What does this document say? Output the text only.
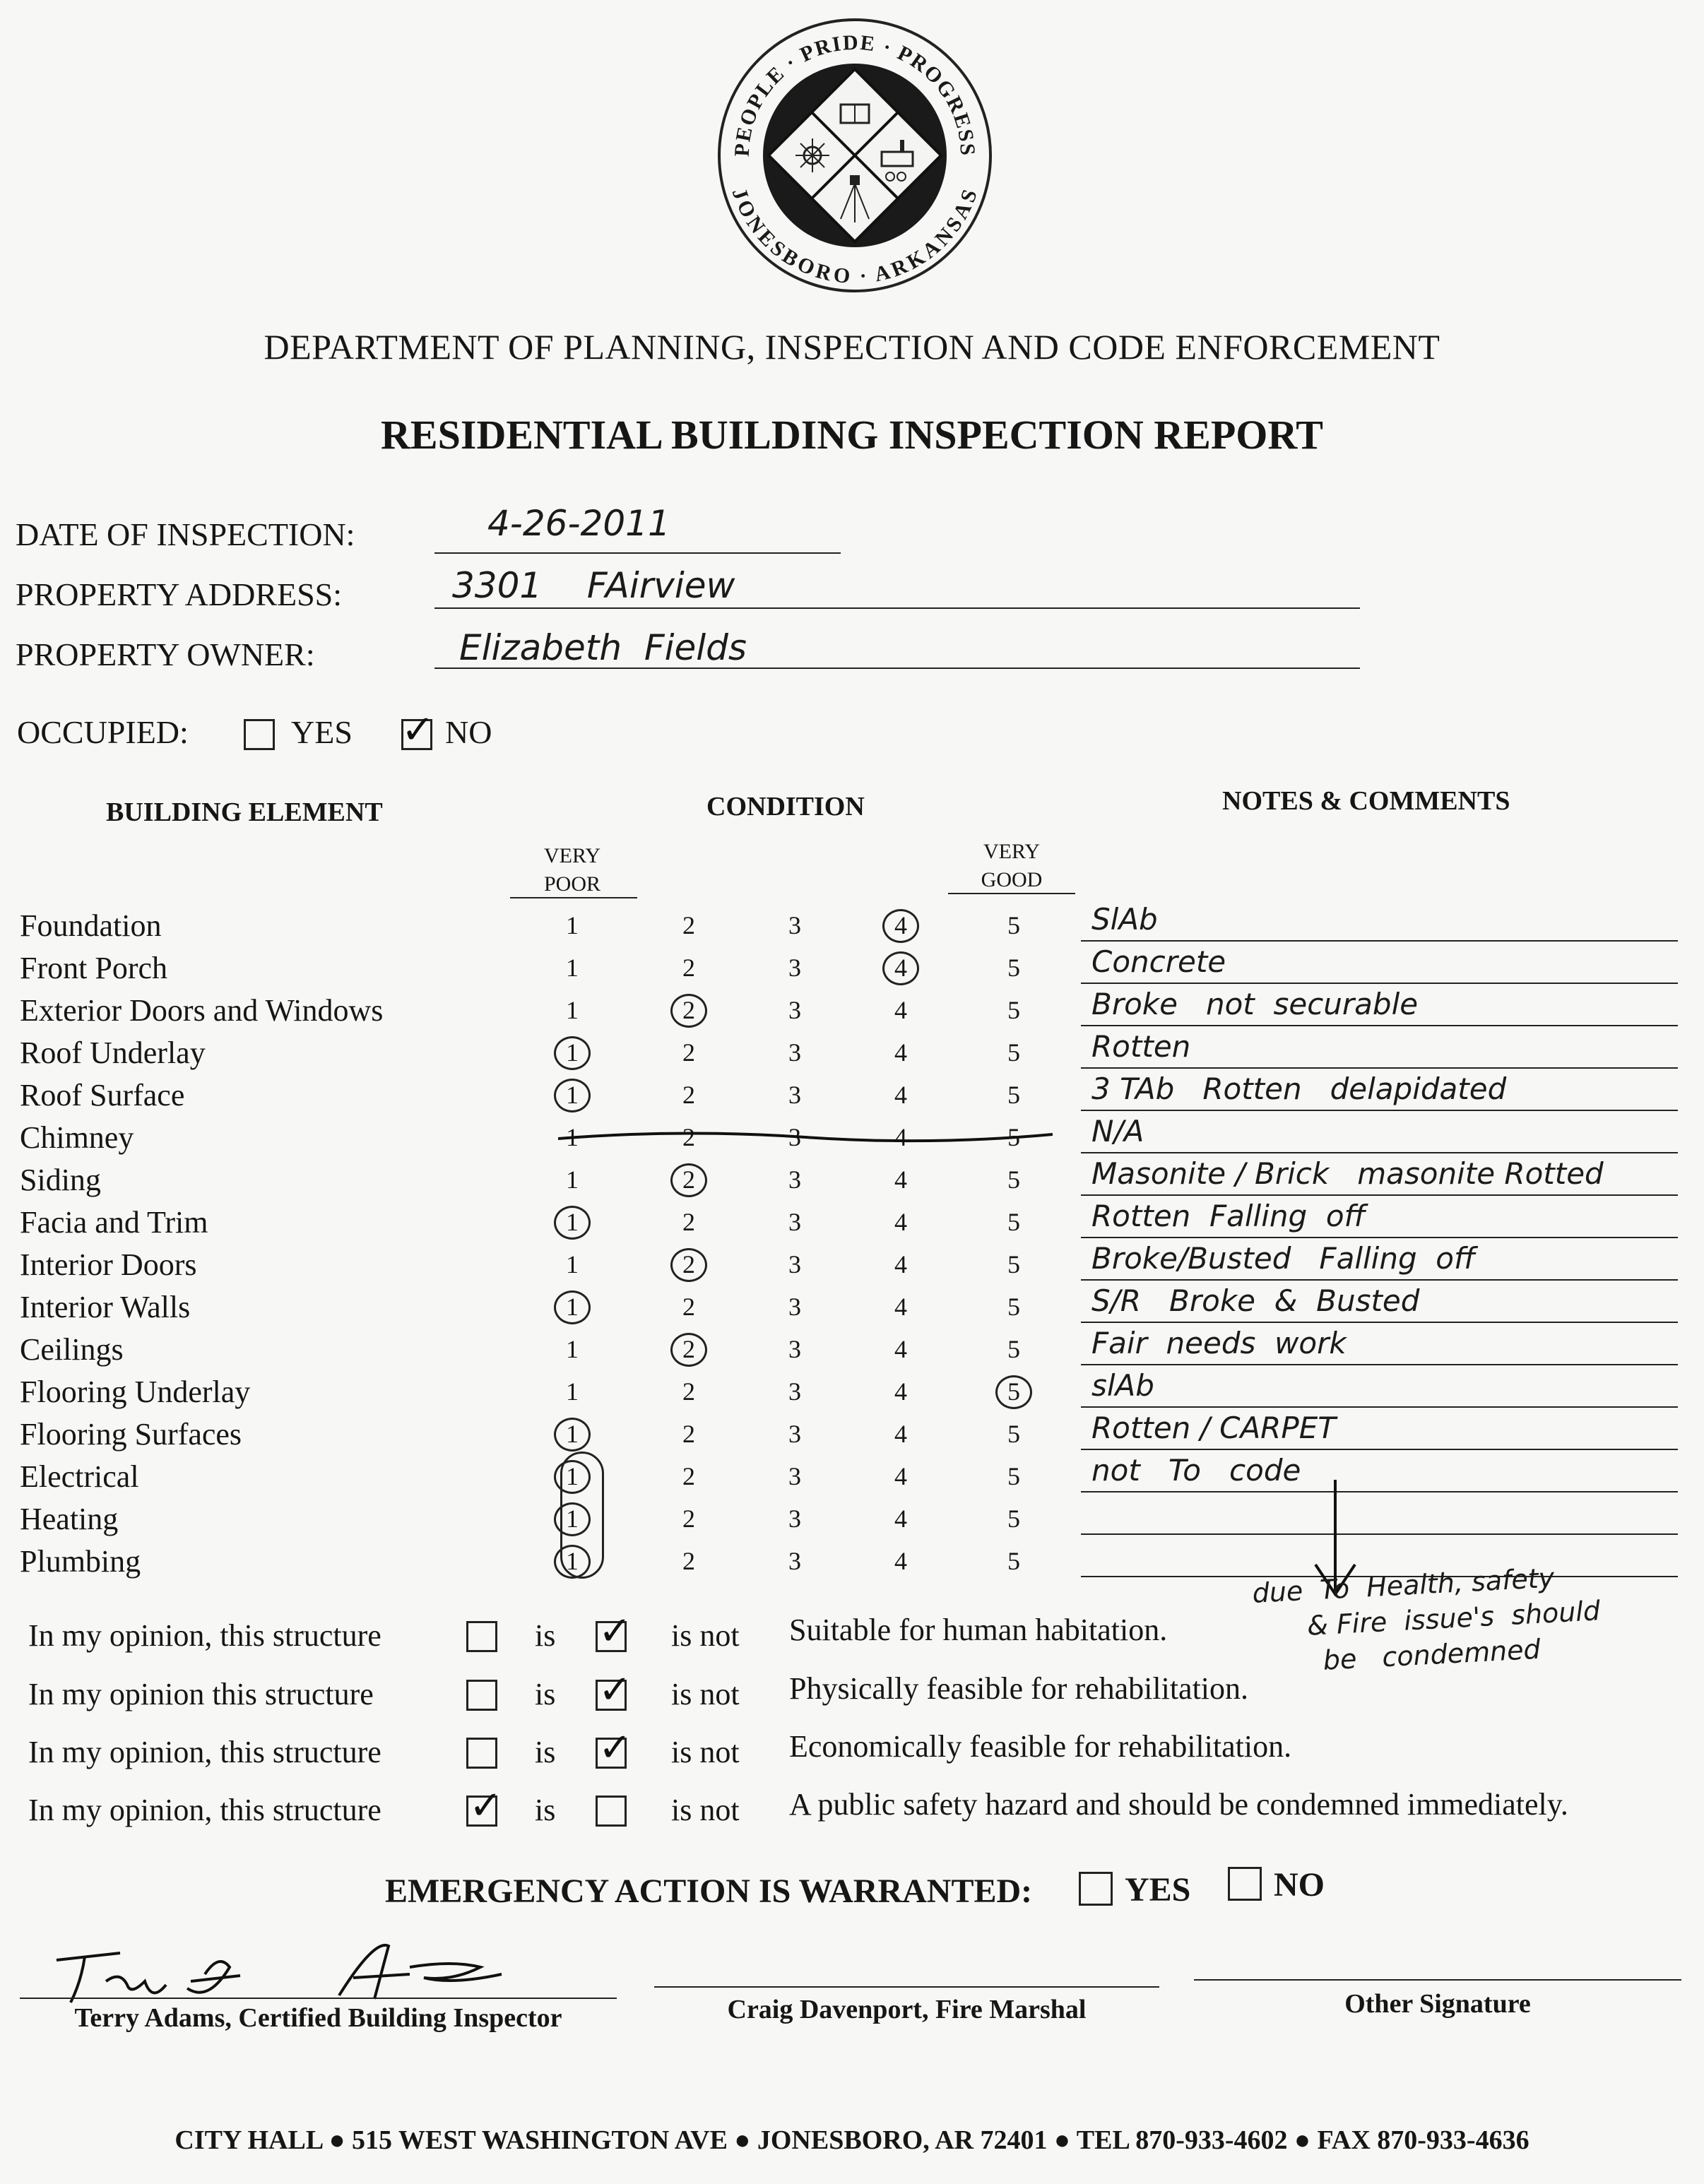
PEOPLE · PRIDE · PROGRESS
JONESBORO · ARKANSAS
DEPARTMENT OF PLANNING, INSPECTION AND CODE ENFORCEMENT
RESIDENTIAL BUILDING INSPECTION REPORT
DATE OF INSPECTION:	4-26-2011
PROPERTY ADDRESS:	3301    FAirview
PROPERTY OWNER:	Elizabeth  Fields
OCCUPIED:	YES ✓ NO
BUILDING ELEMENT	CONDITION	NOTES & COMMENTS
VERY
POOR
VERY
GOOD
Foundation	1	2	3	4	5 SlAb
Front Porch	1	2	3	4	5 Concrete
Exterior Doors and Windows	1	2	3	4	5 Broke   not  securable
Roof Underlay	1	2	3	4	5 Rotten
Roof Surface	1	2	3	4	5 3 TAb   Rotten   delapidated
Chimney	1	2	3	4	5 N/A
Siding	1	2	3	4	5 Masonite / Brick   masonite Rotted
Facia and Trim	1	2	3	4	5 Rotten  Falling  off
Interior Doors	1	2	3	4	5 Broke/Busted   Falling  off
Interior Walls	1	2	3	4	5 S/R   Broke  &  Busted
Ceilings	1	2	3	4	5 Fair  needs  work
Flooring Underlay	1	2	3	4	5 slAb
Flooring Surfaces	1	2	3	4	5 Rotten / CARPET
Electrical	1	2	3	4	5 not   To   code
Heating	1	2	3	4	5
Plumbing	1	2	3	4	5
due  To  Health, safety
& Fire  issue's  should
be   condemned
In my opinion, this structure	is	is not Suitable for human habitation.
✓
In my opinion this structure	is	is not Physically feasible for rehabilitation.
✓
In my opinion, this structure	is	is not Economically feasible for rehabilitation.
✓
In my opinion, this structure	is	is not A public safety hazard and should be condemned immediately.
✓
EMERGENCY ACTION IS WARRANTED:	YES NO
Terry Adams, Certified Building Inspector	Craig Davenport, Fire Marshal	Other Signature
CITY HALL ● 515 WEST WASHINGTON AVE ● JONESBORO, AR 72401 ● TEL 870-933-4602 ● FAX 870-933-4636
